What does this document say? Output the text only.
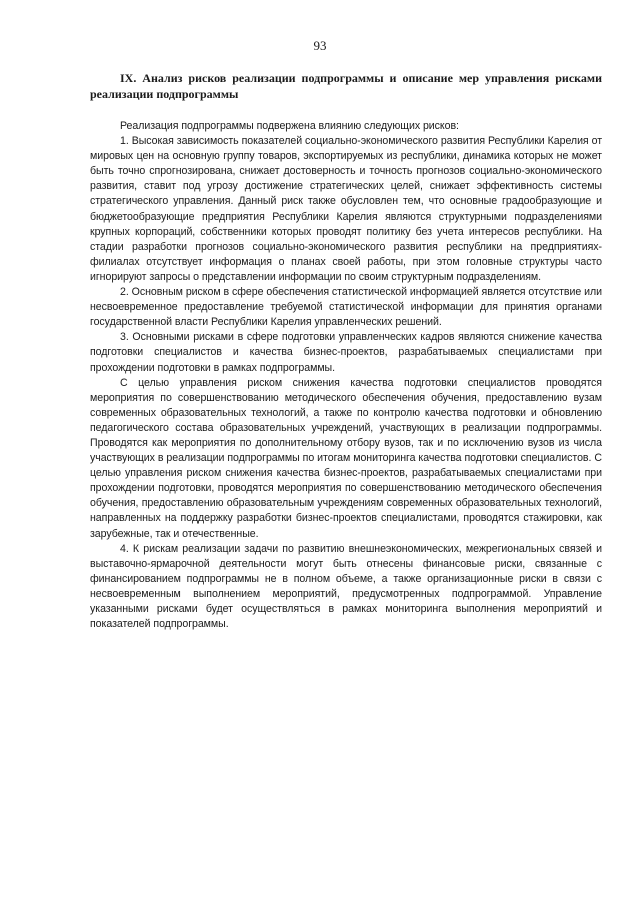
93

IX. Анализ рисков реализации подпрограммы и описание мер управления рисками реализации подпрограммы

Реализация подпрограммы подвержена влиянию следующих рисков:

1. Высокая зависимость показателей социально-экономического развития Республики Карелия от мировых цен на основную группу товаров, экспортируемых из республики, динамика которых не может быть точно спрогнозирована, снижает достоверность и точность прогнозов социально-экономического развития, ставит под угрозу достижение стратегических целей, снижает эффективность системы стратегического управления. Данный риск также обусловлен тем, что основные градообразующие и бюджетообразующие предприятия Республики Карелия являются структурными подразделениями крупных корпораций, собственники которых проводят политику без учета интересов республики. На стадии разработки прогнозов социально-экономического развития республики на предприятиях-филиалах отсутствует информация о планах своей работы, при этом головные структуры часто игнорируют запросы о представлении информации по своим структурным подразделениям.

2. Основным риском в сфере обеспечения статистической информацией является отсутствие или несвоевременное предоставление требуемой статистической информации для принятия органами государственной власти Республики Карелия управленческих решений.

3. Основными рисками в сфере подготовки управленческих кадров являются снижение качества подготовки специалистов и качества бизнес-проектов, разрабатываемых специалистами при прохождении подготовки в рамках подпрограммы.

С целью управления риском снижения качества подготовки специалистов проводятся мероприятия по совершенствованию методического обеспечения обучения, предоставлению вузам современных образовательных технологий, а также по контролю качества подготовки и обновлению педагогического состава образовательных учреждений, участвующих в реализации подпрограммы. Проводятся как мероприятия по дополнительному отбору вузов, так и по исключению вузов из числа участвующих в реализации подпрограммы по итогам мониторинга качества подготовки специалистов. С целью управления риском снижения качества бизнес-проектов, разрабатываемых специалистами при прохождении подготовки, проводятся мероприятия по совершенствованию методического обеспечения обучения, предоставлению образовательным учреждениям современных образовательных технологий, направленных на поддержку разработки бизнес-проектов специалистами, проводятся стажировки, как зарубежные, так и отечественные.

4. К рискам реализации задачи по развитию внешнеэкономических, межрегиональных связей и выставочно-ярмарочной деятельности могут быть отнесены финансовые риски, связанные с финансированием подпрограммы не в полном объеме, а также организационные риски в связи с несвоевременным выполнением мероприятий, предусмотренных подпрограммой. Управление указанными рисками будет осуществляться в рамках мониторинга выполнения мероприятий и показателей подпрограммы.
